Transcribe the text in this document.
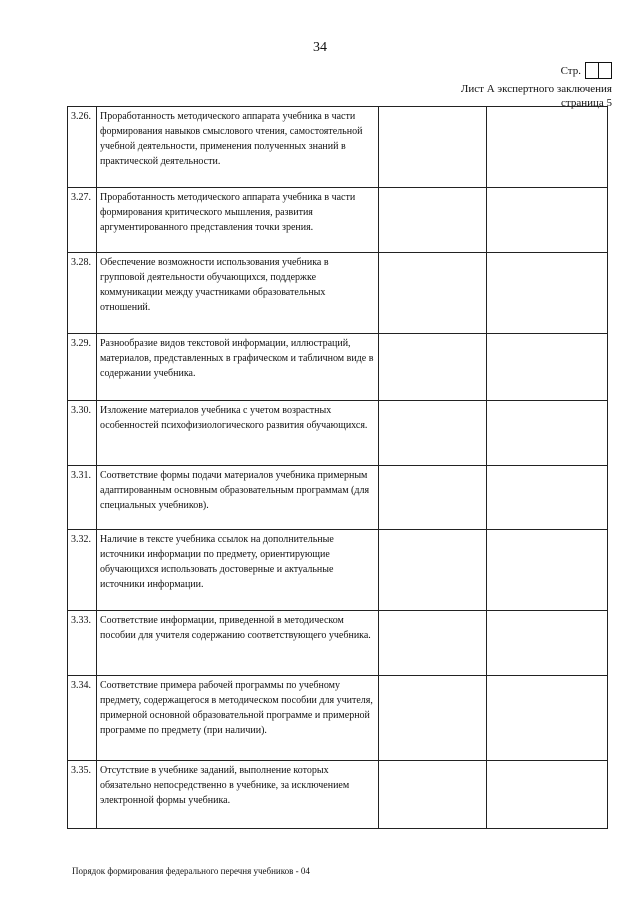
34
Стр.
Лист А экспертного заключения
страница 5
3.26.	Проработанность методического аппарата учебника в части формирования навыков смыслового чтения, самостоятельной учебной деятельности, применения полученных знаний в практической деятельности.		
3.27.	Проработанность методического аппарата учебника в части формирования критического мышления, развития аргументированного представления точки зрения.		
3.28.	Обеспечение возможности использования учебника в групповой деятельности обучающихся, поддержке коммуникации между участниками образовательных отношений.		
3.29.	Разнообразие видов текстовой информации, иллюстраций, материалов, представленных в графическом и табличном виде в содержании учебника.		
3.30.	Изложение материалов учебника с учетом возрастных особенностей психофизиологического развития обучающихся.		
3.31.	Соответствие формы подачи материалов учебника примерным адаптированным основным образовательным программам (для специальных учебников).		
3.32.	Наличие в тексте учебника ссылок на дополнительные источники информации по предмету, ориентирующие обучающихся использовать достоверные и актуальные источники информации.		
3.33.	Соответствие информации, приведенной в методическом пособии для учителя содержанию соответствующего учебника.		
3.34.	Соответствие примера рабочей программы по учебному предмету, содержащегося в методическом пособии для учителя, примерной основной образовательной программе и примерной программе по предмету (при наличии).		
3.35.	Отсутствие в учебнике заданий, выполнение которых обязательно непосредственно в учебнике, за исключением электронной формы учебника.		
Порядок формирования федерального перечня учебников - 04
